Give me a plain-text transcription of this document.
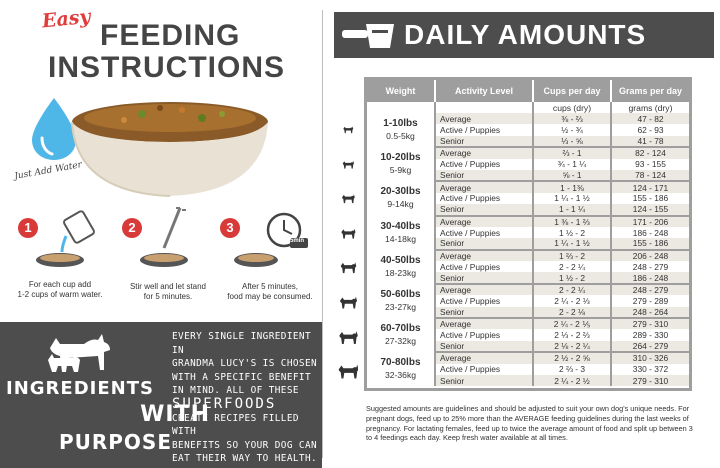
Easy
FEEDING
INSTRUCTIONS
Just Add Water
1
For each cup add
1-2 cups of warm water.
2
Stir well and let stand
for 5 minutes.
3
5min
After 5 minutes,
food may be consumed.
INGREDIENTS
WITH
PURPOSE
EVERY SINGLE INGREDIENT IN
GRANDMA LUCY'S IS CHOSEN
WITH A SPECIFIC BENEFIT
IN MIND. ALL OF THESE
SUPERFOODS
CREATE RECIPES FILLED WITH
BENEFITS SO YOUR DOG CAN
EAT THEIR WAY TO HEALTH.
DAILY AMOUNTS
Weight	Activity Level	Cups per day	Grams per day
		cups (dry)	grams (dry)

1-10lbs
0.5-5kg	Average	⅜ - ⅔	47 - 82
	Active / Puppies	½ - ¾	62 - 93
	Senior	⅓ - ⅝	41 - 78

10-20lbs
5-9kg	Average	⅔ - 1	82 - 124
	Active / Puppies	¾ - 1 ¼	93 - 155
	Senior	⅝ - 1	78 - 124

20-30lbs
9-14kg	Average	1 - 1⅜	124 - 171
	Active / Puppies	1 ¼ - 1 ½	155 - 186
	Senior	1 - 1 ¼	124 - 155

30-40lbs
14-18kg	Average	1 ⅜ - 1 ⅔	171 - 206
	Active / Puppies	1 ½ - 2	186 - 248
	Senior	1 ¼ - 1 ½	155 - 186

40-50lbs
18-23kg	Average	1 ⅔ - 2	206 - 248
	Active / Puppies	2 - 2 ¼	248 - 279
	Senior	1 ½ - 2	186 - 248

50-60lbs
23-27kg	Average	2 - 2 ¼	248 - 279
	Active / Puppies	2 ¼ - 2 ⅓	279 - 289
	Senior	2 - 2 ⅛	248 - 264

60-70lbs
27-32kg	Average	2 ¼ - 2 ⅕	279 - 310
	Active / Puppies	2 ⅓ - 2 ⅔	289 - 330
	Senior	2 ⅛ - 2 ¼	264 - 279

70-80lbs
32-36kg	Average	2 ½ - 2 ⅝	310 - 326
	Active / Puppies	2 ⅔ - 3	330 - 372
	Senior	2 ¼ - 2 ½	279 - 310
Suggested amounts are guidelines and should be adjusted to suit your own dog's unique needs. For pregnant dogs, feed up to 25% more than the AVERAGE feeding guidelines during the last weeks of pregnancy. For lactating females, feed up to twice the average amount of food and split up between 3 to 4 feedings each day. Keep fresh water available at all times.
